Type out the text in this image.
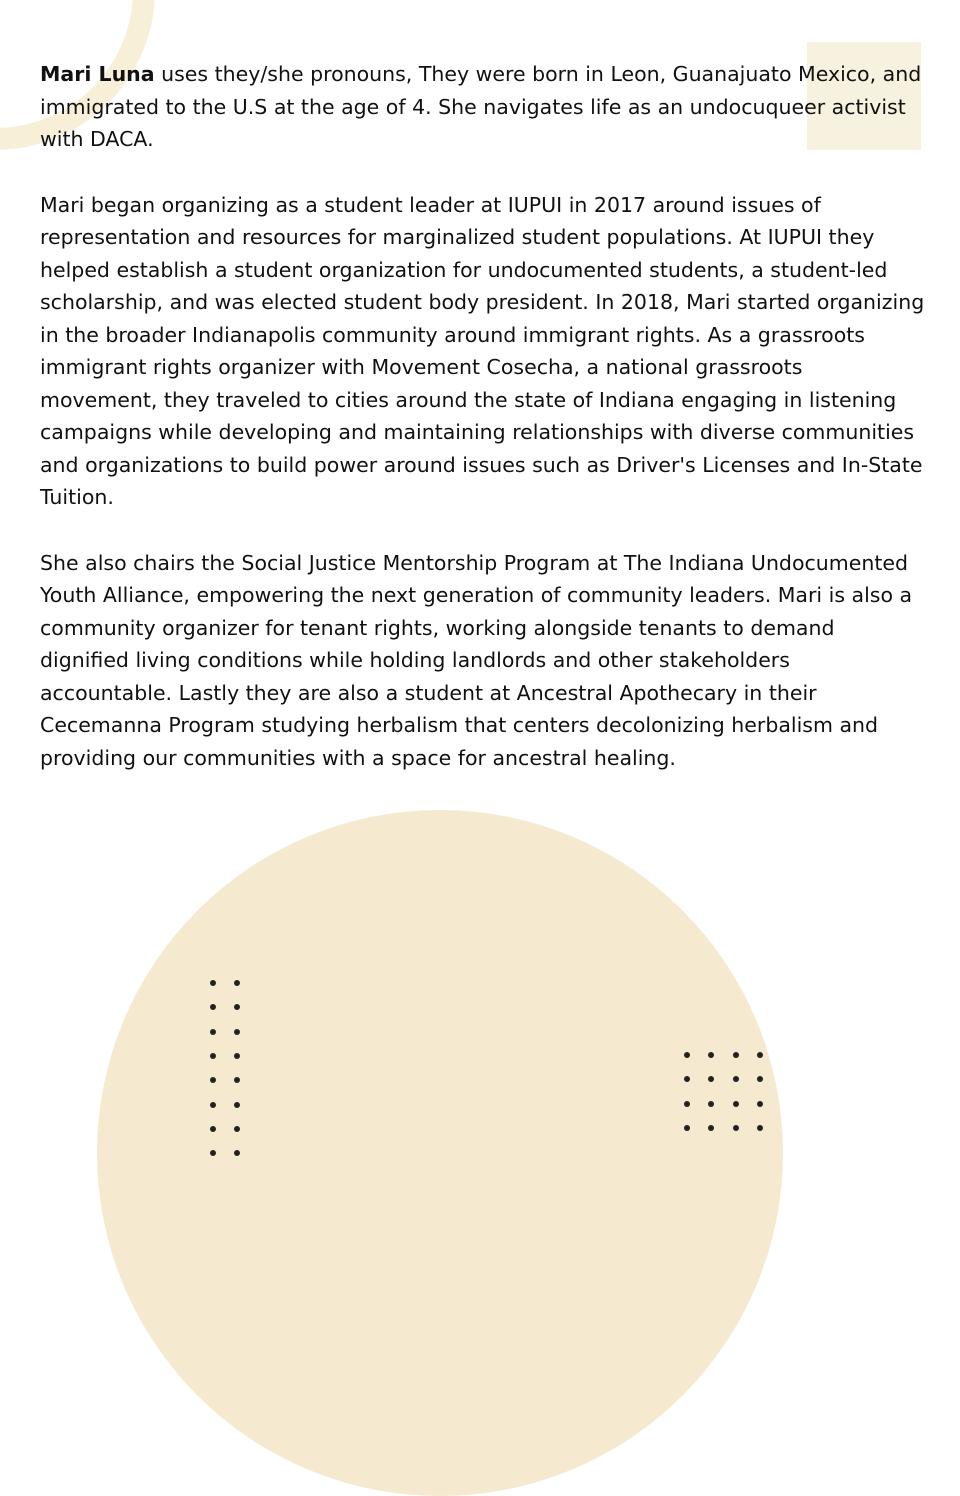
Mari Luna uses they/she pronouns, They were born in Leon, Guanajuato Mexico, and immigrated to the U.S at the age of 4. She navigates life as an undocuqueer activist with DACA.

Mari began organizing as a student leader at IUPUI in 2017 around issues of representation and resources for marginalized student populations. At IUPUI they helped establish a student organization for undocumented students, a student-led scholarship, and was elected student body president. In 2018, Mari started organizing in the broader Indianapolis community around immigrant rights. As a grassroots immigrant rights organizer with Movement Cosecha, a national grassroots movement, they traveled to cities around the state of Indiana engaging in listening campaigns while developing and maintaining relationships with diverse communities and organizations to build power around issues such as Driver's Licenses and In-State Tuition.

She also chairs the Social Justice Mentorship Program at The Indiana Undocumented Youth Alliance, empowering the next generation of community leaders. Mari is also a community organizer for tenant rights, working alongside tenants to demand dignified living conditions while holding landlords and other stakeholders accountable. Lastly they are also a student at Ancestral Apothecary in their Cecemanna Program studying herbalism that centers decolonizing herbalism and providing our communities with a space for ancestral healing.
